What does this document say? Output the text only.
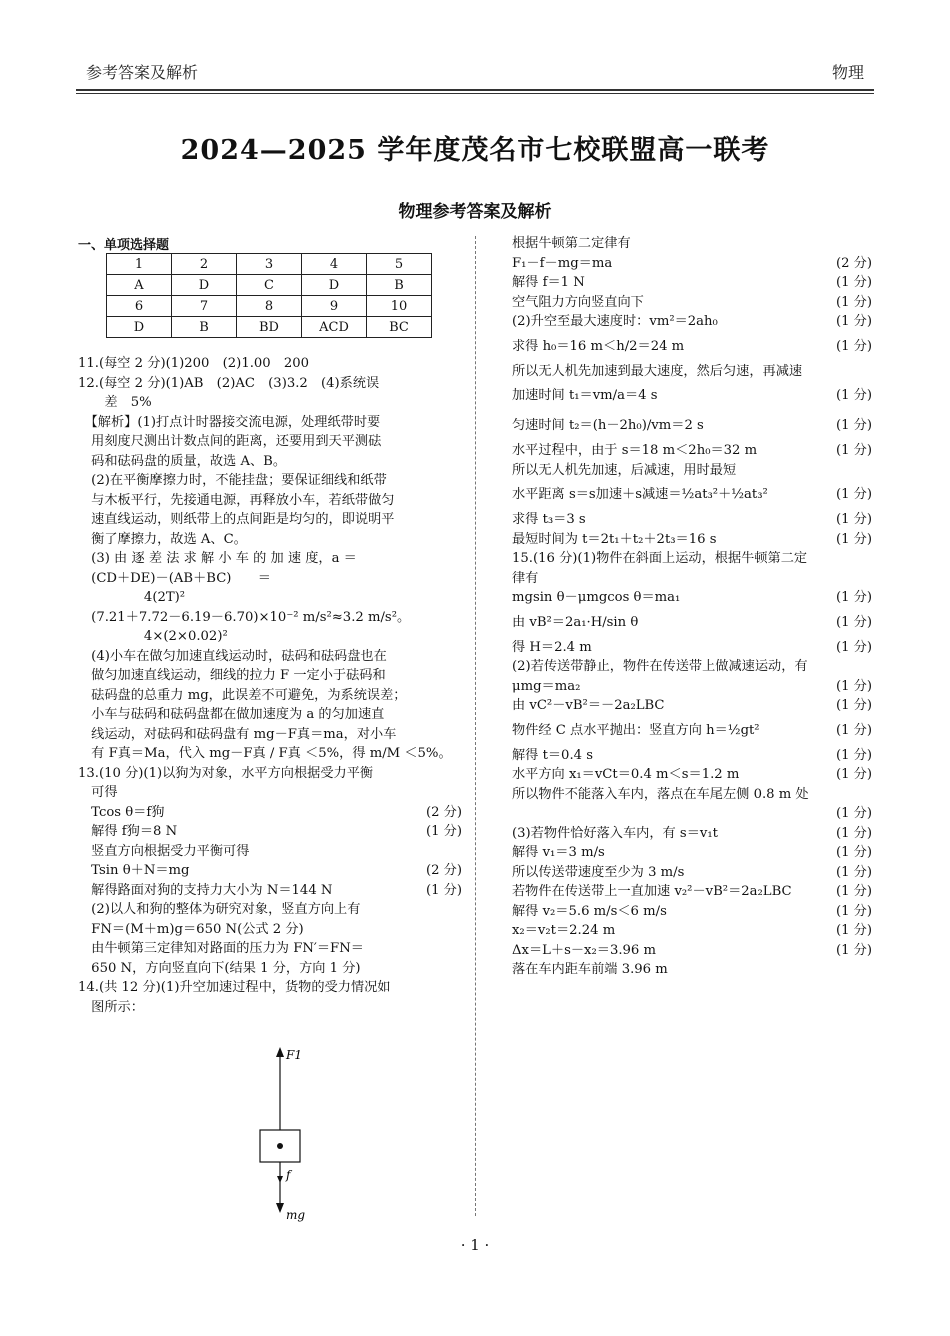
参考答案及解析	物理
2024—2025 学年度茂名市七校联盟高一联考
物理参考答案及解析
一、单项选择题
1	2	3	4	5
A	D	C	D	B
6	7	8	9	10
D	B	BD	ACD	BC
11.(每空 2 分)(1)200　(2)1.00　200
12.(每空 2 分)(1)AB　(2)AC　(3)3.2　(4)系统误
　　差　5%
　【解析】(1)打点计时器接交流电源，处理纸带时要
　用刻度尺测出计数点间的距离，还要用到天平测砝
　码和砝码盘的质量，故选 A、B。
　(2)在平衡摩擦力时，不能挂盘；要保证细线和纸带
　与木板平行，先接通电源，再释放小车，若纸带做匀
　速直线运动，则纸带上的点间距是均匀的，即说明平
　衡了摩擦力，故选 A、C。
　(3) 由 逐 差 法 求 解 小 车 的 加 速 度，a ＝
　(CD＋DE)－(AB＋BC)　　＝
　　　　　4(2T)²
　(7.21＋7.72－6.19－6.70)×10⁻² m/s²≈3.2 m/s²。
　　　　　4×(2×0.02)²
　(4)小车在做匀加速直线运动时，砝码和砝码盘也在
　做匀加速直线运动，细线的拉力 F 一定小于砝码和
　砝码盘的总重力 mg，此误差不可避免，为系统误差；
　小车与砝码和砝码盘都在做加速度为 a 的匀加速直
　线运动，对砝码和砝码盘有 mg－F真＝ma，对小车
　有 F真＝Ma，代入 mg－F真 / F真 ＜5%，得 m/M ＜5%。
13.(10 分)(1)以狗为对象，水平方向根据受力平衡
　可得
　Tcos θ＝f狗	(2 分)
　解得 f狗＝8 N	(1 分)
　竖直方向根据受力平衡可得
　Tsin θ＋N＝mg	(2 分)
　解得路面对狗的支持力大小为 N＝144 N	(1 分)
　(2)以人和狗的整体为研究对象，竖直方向上有
　FN＝(M＋m)g＝650 N(公式 2 分)
　由牛顿第三定律知对路面的压力为 FN′＝FN＝
　650 N，方向竖直向下(结果 1 分，方向 1 分)
14.(共 12 分)(1)升空加速过程中，货物的受力情况如
　图所示：
F1
f
mg
根据牛顿第二定律有
F₁－f－mg＝ma	(2 分)
解得 f＝1 N	(1 分)
空气阻力方向竖直向下	(1 分)
(2)升空至最大速度时：vm²＝2ah₀	(1 分)
求得 h₀＝16 m＜h/2＝24 m	(1 分)
所以无人机先加速到最大速度，然后匀速，再减速
加速时间 t₁＝vm/a＝4 s	(1 分)
匀速时间 t₂＝(h－2h₀)/vm＝2 s	(1 分)
水平过程中，由于 s＝18 m＜2h₀＝32 m	(1 分)
所以无人机先加速，后减速，用时最短
水平距离 s＝s加速＋s减速＝½at₃²＋½at₃²	(1 分)
求得 t₃＝3 s	(1 分)
最短时间为 t＝2t₁＋t₂＋2t₃＝16 s	(1 分)
15.(16 分)(1)物件在斜面上运动，根据牛顿第二定
律有
mgsin θ－μmgcos θ＝ma₁	(1 分)
由 vB²＝2a₁·H/sin θ	(1 分)
得 H＝2.4 m	(1 分)
(2)若传送带静止，物件在传送带上做减速运动，有
μmg＝ma₂	(1 分)
由 vC²－vB²＝－2a₂LBC	(1 分)
物件经 C 点水平抛出：竖直方向 h＝½gt²	(1 分)
解得 t＝0.4 s	(1 分)
水平方向 x₁＝vCt＝0.4 m＜s＝1.2 m	(1 分)
所以物件不能落入车内，落点在车尾左侧 0.8 m 处
(1 分)
(3)若物件恰好落入车内，有 s＝v₁t	(1 分)
解得 v₁＝3 m/s	(1 分)
所以传送带速度至少为 3 m/s	(1 分)
若物件在传送带上一直加速 v₂²－vB²＝2a₂LBC	(1 分)
解得 v₂＝5.6 m/s＜6 m/s	(1 分)
x₂＝v₂t＝2.24 m	(1 分)
Δx＝L＋s－x₂＝3.96 m	(1 分)
落在车内距车前端 3.96 m
· 1 ·
